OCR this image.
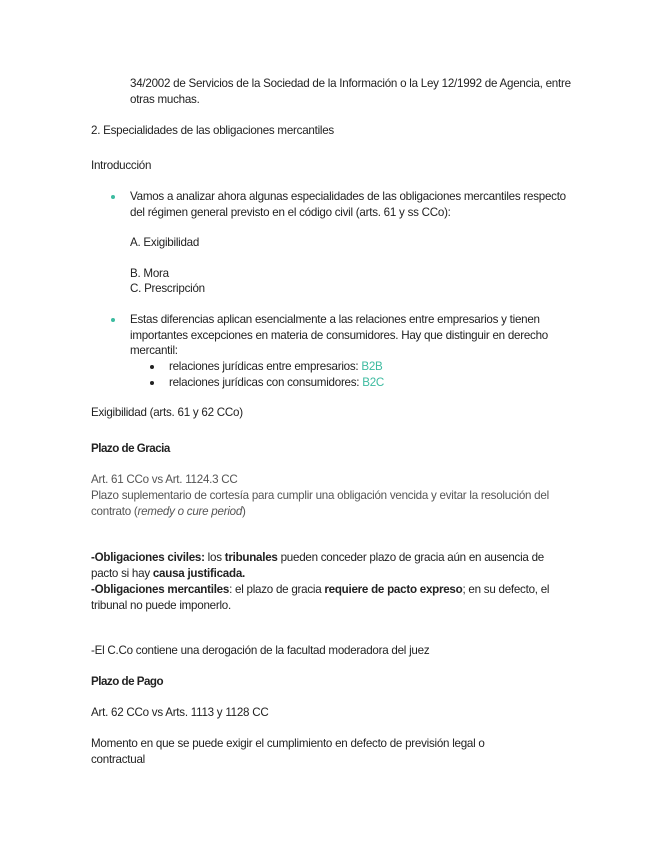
34/2002 de Servicios de la Sociedad de la Información o la Ley 12/1992 de Agencia, entre otras muchas.
2. Especialidades de las obligaciones mercantiles
Introducción
Vamos a analizar ahora algunas especialidades de las obligaciones mercantiles respecto del régimen general previsto en el código civil (arts. 61 y ss CCo):
A. Exigibilidad
B. Mora
C. Prescripción
Estas diferencias aplican esencialmente a las relaciones entre empresarios y tienen importantes excepciones en materia de consumidores. Hay que distinguir en derecho mercantil:
relaciones jurídicas entre empresarios: B2B
relaciones jurídicas con consumidores: B2C
Exigibilidad (arts. 61 y 62 CCo)
Plazo de Gracia
Art. 61 CCo vs Art. 1124.3 CC
Plazo suplementario de cortesía para cumplir una obligación vencida y evitar la resolución del contrato (remedy o cure period)
-Obligaciones civiles: los tribunales pueden conceder plazo de gracia aún en ausencia de pacto si hay causa justificada.
-Obligaciones mercantiles: el plazo de gracia requiere de pacto expreso; en su defecto, el tribunal no puede imponerlo.
-El C.Co contiene una derogación de la facultad moderadora del juez
Plazo de Pago
Art. 62 CCo vs Arts. 1113 y 1128 CC
Momento en que se puede exigir el cumplimiento en defecto de previsión legal o contractual
